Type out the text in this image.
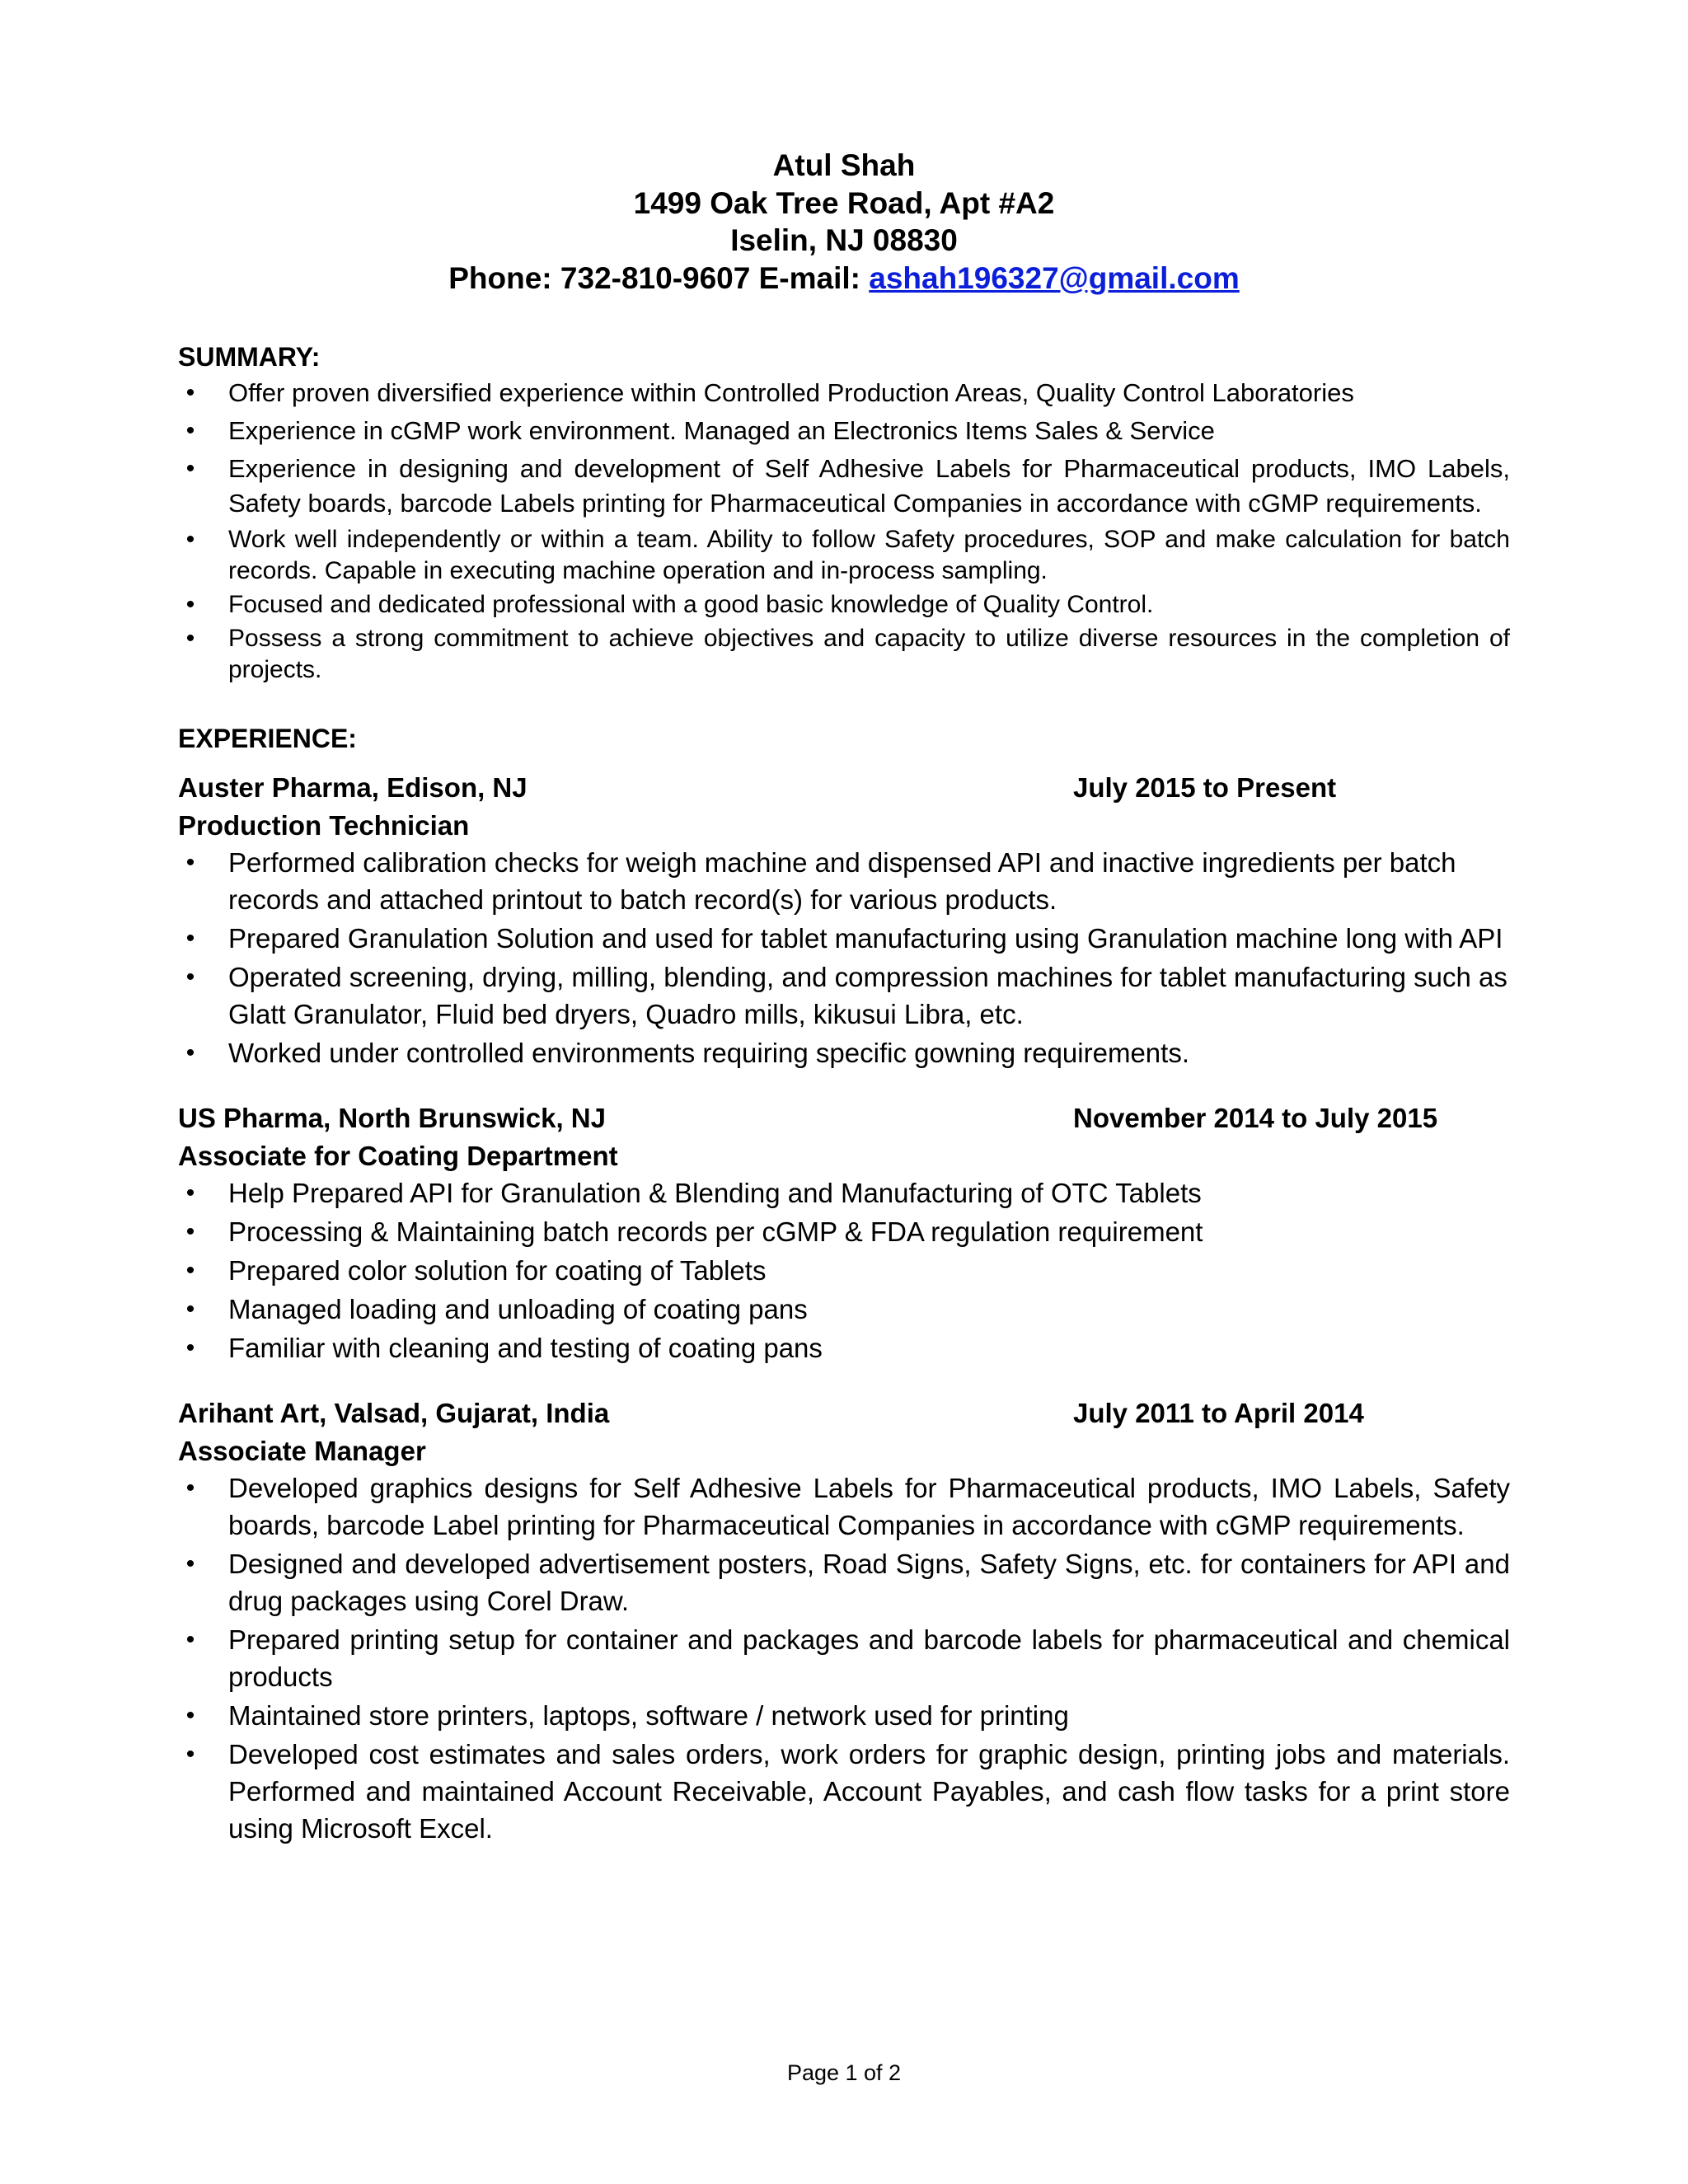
Atul Shah
1499 Oak Tree Road, Apt #A2
Iselin, NJ 08830
Phone: 732-810-9607 E-mail: ashah196327@gmail.com
SUMMARY:
•	Offer proven diversified experience within Controlled Production Areas, Quality Control Laboratories
•	Experience in cGMP work environment. Managed an Electronics Items Sales & Service
•	Experience in designing and development of Self Adhesive Labels for Pharmaceutical products, IMO Labels, Safety boards, barcode Labels printing for Pharmaceutical Companies in accordance with cGMP requirements.
•	Work well independently or within a team. Ability to follow Safety procedures, SOP and make calculation for batch records. Capable in executing machine operation and in-process sampling.
•	Focused and dedicated professional with a good basic knowledge of Quality Control.
•	Possess a strong commitment to achieve objectives and capacity to utilize diverse resources in the completion of projects.
EXPERIENCE:
Auster Pharma, Edison, NJ	July 2015 to Present
Production Technician
• Performed calibration checks for weigh machine and dispensed API and inactive ingredients per batch records and attached printout to batch record(s) for various products.
• Prepared Granulation Solution and used for tablet manufacturing using Granulation machine long with API
• Operated screening, drying, milling, blending, and compression machines for tablet manufacturing such as Glatt Granulator, Fluid bed dryers, Quadro mills, kikusui Libra, etc.
• Worked under controlled environments requiring specific gowning requirements.
US Pharma, North Brunswick, NJ	November 2014 to July 2015
Associate for Coating Department
• Help Prepared API for Granulation & Blending and Manufacturing of OTC Tablets
• Processing & Maintaining batch records per cGMP & FDA regulation requirement
• Prepared color solution for coating of Tablets
• Managed loading and unloading of coating pans
• Familiar with cleaning and testing of coating pans
Arihant Art, Valsad, Gujarat, India	July 2011 to April 2014
Associate Manager
• Developed graphics designs for Self Adhesive Labels for Pharmaceutical products, IMO Labels, Safety boards, barcode Label printing for Pharmaceutical Companies in accordance with cGMP requirements.
• Designed and developed advertisement posters, Road Signs, Safety Signs, etc. for containers for API and drug packages using Corel Draw.
• Prepared printing setup for container and packages and barcode labels for pharmaceutical and chemical products
• Maintained store printers, laptops, software / network used for printing
• Developed cost estimates and sales orders, work orders for graphic design, printing jobs and materials. Performed and maintained Account Receivable, Account Payables, and cash flow tasks for a print store using Microsoft Excel.
Page 1 of 2
